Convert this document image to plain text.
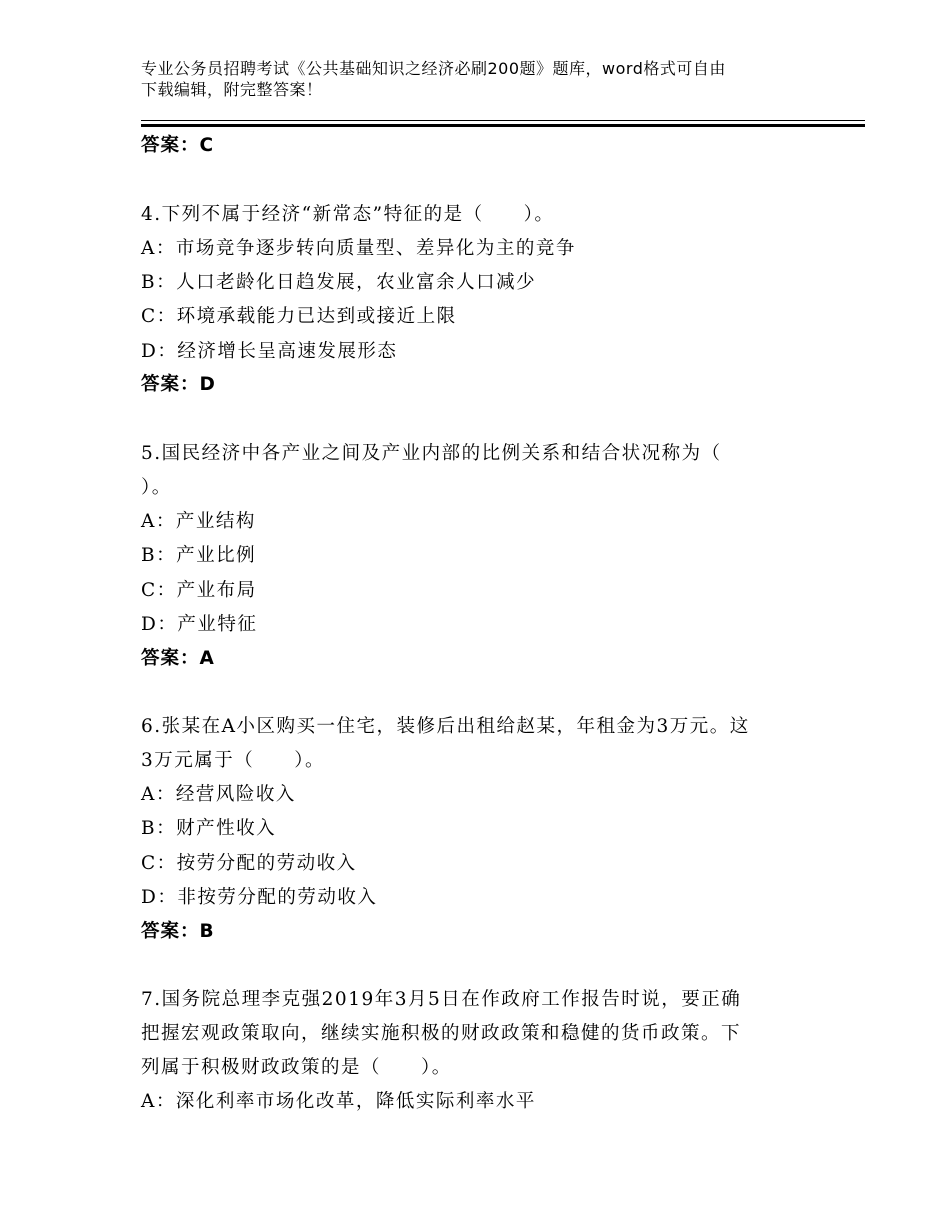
专业公务员招聘考试《公共基础知识之经济必刷200题》题库，word格式可自由
下载编辑，附完整答案！
答案：C
4.下列不属于经济“新常态”特征的是（　　）。
A：市场竞争逐步转向质量型、差异化为主的竞争
B：人口老龄化日趋发展，农业富余人口减少
C：环境承载能力已达到或接近上限
D：经济增长呈高速发展形态
答案：D
5.国民经济中各产业之间及产业内部的比例关系和结合状况称为（
）。
A：产业结构
B：产业比例
C：产业布局
D：产业特征
答案：A
6.张某在A小区购买一住宅，装修后出租给赵某，年租金为3万元。这
3万元属于（　　）。
A：经营风险收入
B：财产性收入
C：按劳分配的劳动收入
D：非按劳分配的劳动收入
答案：B
7.国务院总理李克强2019年3月5日在作政府工作报告时说，要正确
把握宏观政策取向，继续实施积极的财政政策和稳健的货币政策。下
列属于积极财政政策的是（　　）。
A：深化利率市场化改革，降低实际利率水平
